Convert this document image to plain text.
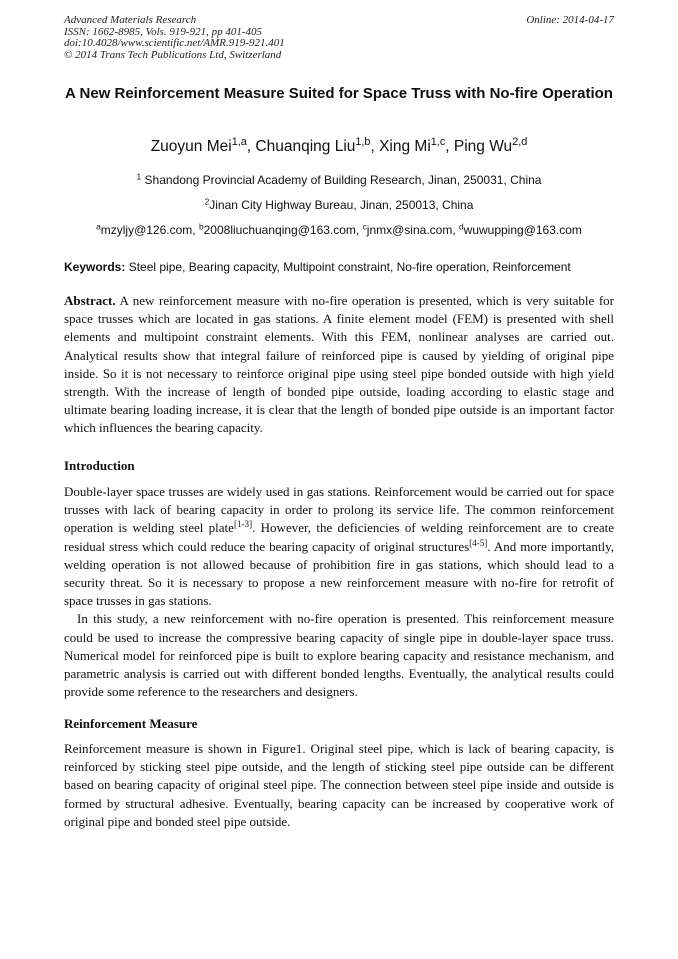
Advanced Materials Research
ISSN: 1662-8985, Vols. 919-921, pp 401-405
doi:10.4028/www.scientific.net/AMR.919-921.401
© 2014 Trans Tech Publications Ltd, Switzerland
Online: 2014-04-17
A New Reinforcement Measure Suited for Space Truss with No-fire Operation
Zuoyun Mei$^{1,a}$, Chuanqing Liu$^{1,b}$, Xing Mi$^{1,c}$, Ping Wu$^{2,d}$
$^1$ Shandong Provincial Academy of Building Research, Jinan, 250031, China
$^2$Jinan City Highway Bureau, Jinan, 250013, China
$^a$mzyljy@126.com, $^b$2008liuchuanqing@163.com, $^c$jnmx@sina.com, $^d$wuwupping@163.com
Keywords: Steel pipe, Bearing capacity, Multipoint constraint, No-fire operation, Reinforcement

Abstract. A new reinforcement measure with no-fire operation is presented, which is very suitable for space trusses which are located in gas stations. A finite element model (FEM) is presented with shell elements and multipoint constraint elements. With this FEM, nonlinear analyses are carried out. Analytical results show that integral failure of reinforced pipe is caused by yielding of original pipe inside. So it is not necessary to reinforce original pipe using steel pipe bonded outside with high yield strength. With the increase of length of bonded pipe outside, loading according to elastic stage and ultimate bearing loading increase, it is clear that the length of bonded pipe outside is an important factor which influences the bearing capacity.

Introduction

Double-layer space trusses are widely used in gas stations. Reinforcement would be carried out for space trusses with lack of bearing capacity in order to prolong its service life. The common reinforcement operation is welding steel plate[1-3]. However, the deficiencies of welding reinforcement are to create residual stress which could reduce the bearing capacity of original structures[4-5]. And more importantly, welding operation is not allowed because of prohibition fire in gas stations, which should lead to a security threat. So it is necessary to propose a new reinforcement measure with no-fire for retrofit of space trusses in gas stations.

In this study, a new reinforcement with no-fire operation is presented. This reinforcement measure could be used to increase the compressive bearing capacity of single pipe in double-layer space truss. Numerical model for reinforced pipe is built to explore bearing capacity and resistance mechanism, and parametric analysis is carried out with different bonded lengths. Eventually, the analytical results could provide some reference to the researchers and designers.

Reinforcement Measure

Reinforcement measure is shown in Figure1. Original steel pipe, which is lack of bearing capacity, is reinforced by sticking steel pipe outside, and the length of sticking steel pipe outside can be different based on bearing capacity of original steel pipe. The connection between steel pipe inside and outside is formed by structural adhesive. Eventually, bearing capacity can be increased by cooperative work of original pipe and bonded steel pipe outside.
